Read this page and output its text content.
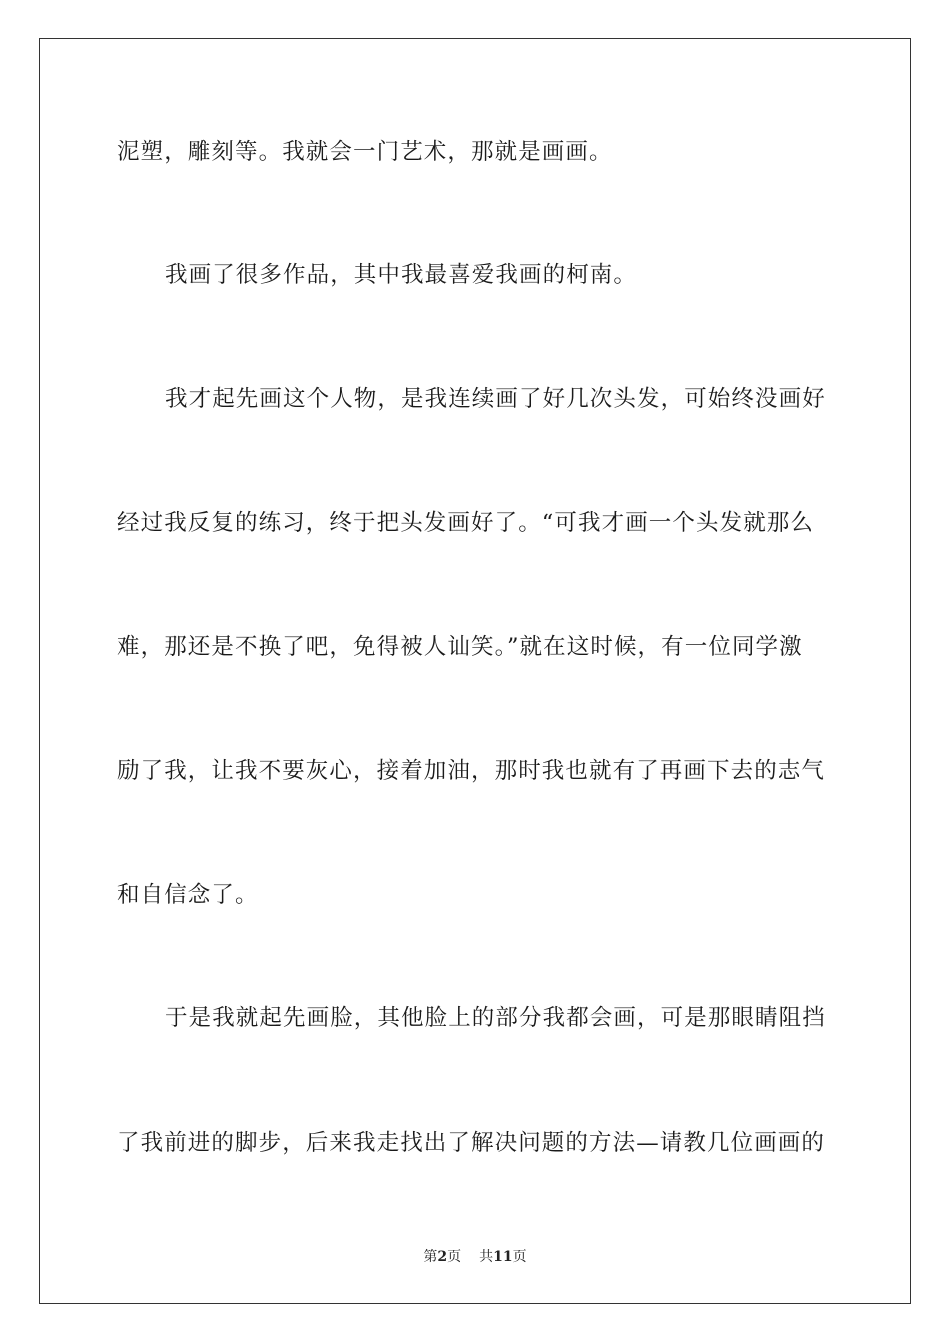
泥塑，雕刻等。我就会一门艺术，那就是画画。
我画了很多作品，其中我最喜爱我画的柯南。
我才起先画这个人物，是我连续画了好几次头发，可始终没画好
经过我反复的练习，终于把头发画好了。“可我才画一个头发就那么
难，那还是不换了吧，免得被人讪笑。”就在这时候，有一位同学激
励了我，让我不要灰心，接着加油，那时我也就有了再画下去的志气
和自信念了。
于是我就起先画脸，其他脸上的部分我都会画，可是那眼睛阻挡
了我前进的脚步，后来我走找出了解决问题的方法—请教几位画画的
第2页 共11页
